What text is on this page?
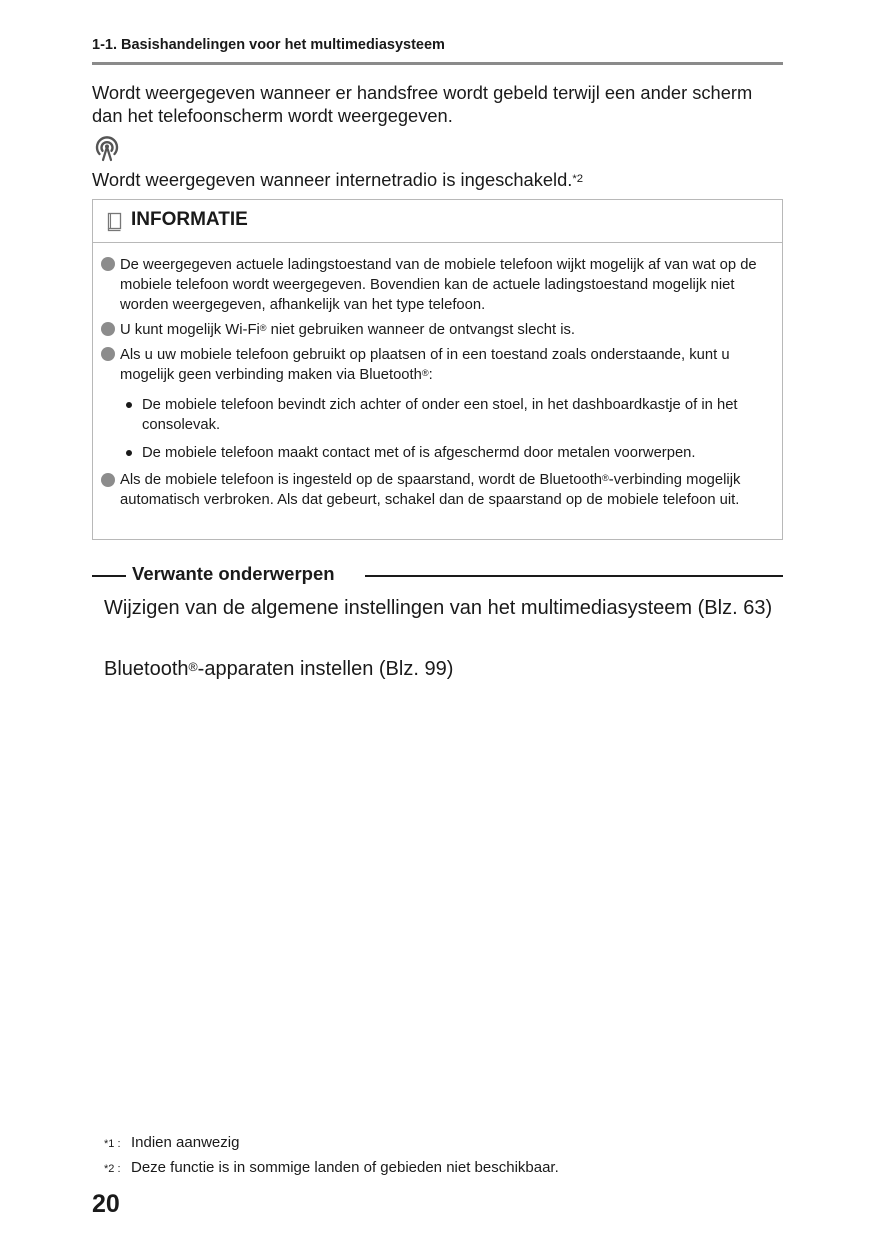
1-1. Basishandelingen voor het multimediasysteem
Wordt weergegeven wanneer er handsfree wordt gebeld terwijl een ander scherm dan het telefoonscherm wordt weergegeven.
Wordt weergegeven wanneer internetradio is ingeschakeld.$^{*2}$
INFORMATIE
De weergegeven actuele ladingstoestand van de mobiele telefoon wijkt mogelijk af van wat op de mobiele telefoon wordt weergegeven. Bovendien kan de actuele ladingstoestand mogelijk niet worden weergegeven, afhankelijk van het type telefoon.
U kunt mogelijk Wi-Fi® niet gebruiken wanneer de ontvangst slecht is.
Als u uw mobiele telefoon gebruikt op plaatsen of in een toestand zoals onderstaande, kunt u mogelijk geen verbinding maken via Bluetooth®:
De mobiele telefoon bevindt zich achter of onder een stoel, in het dashboardkastje of in het consolevak.
De mobiele telefoon maakt contact met of is afgeschermd door metalen voorwerpen.
Als de mobiele telefoon is ingesteld op de spaarstand, wordt de Bluetooth®-verbinding mogelijk automatisch verbroken. Als dat gebeurt, schakel dan de spaarstand op de mobiele telefoon uit.
Verwante onderwerpen
Wijzigen van de algemene instellingen van het multimediasysteem (Blz. 63)
Bluetooth®-apparaten instellen (Blz. 99)
*1 : Indien aanwezig
*2 : Deze functie is in sommige landen of gebieden niet beschikbaar.
20
